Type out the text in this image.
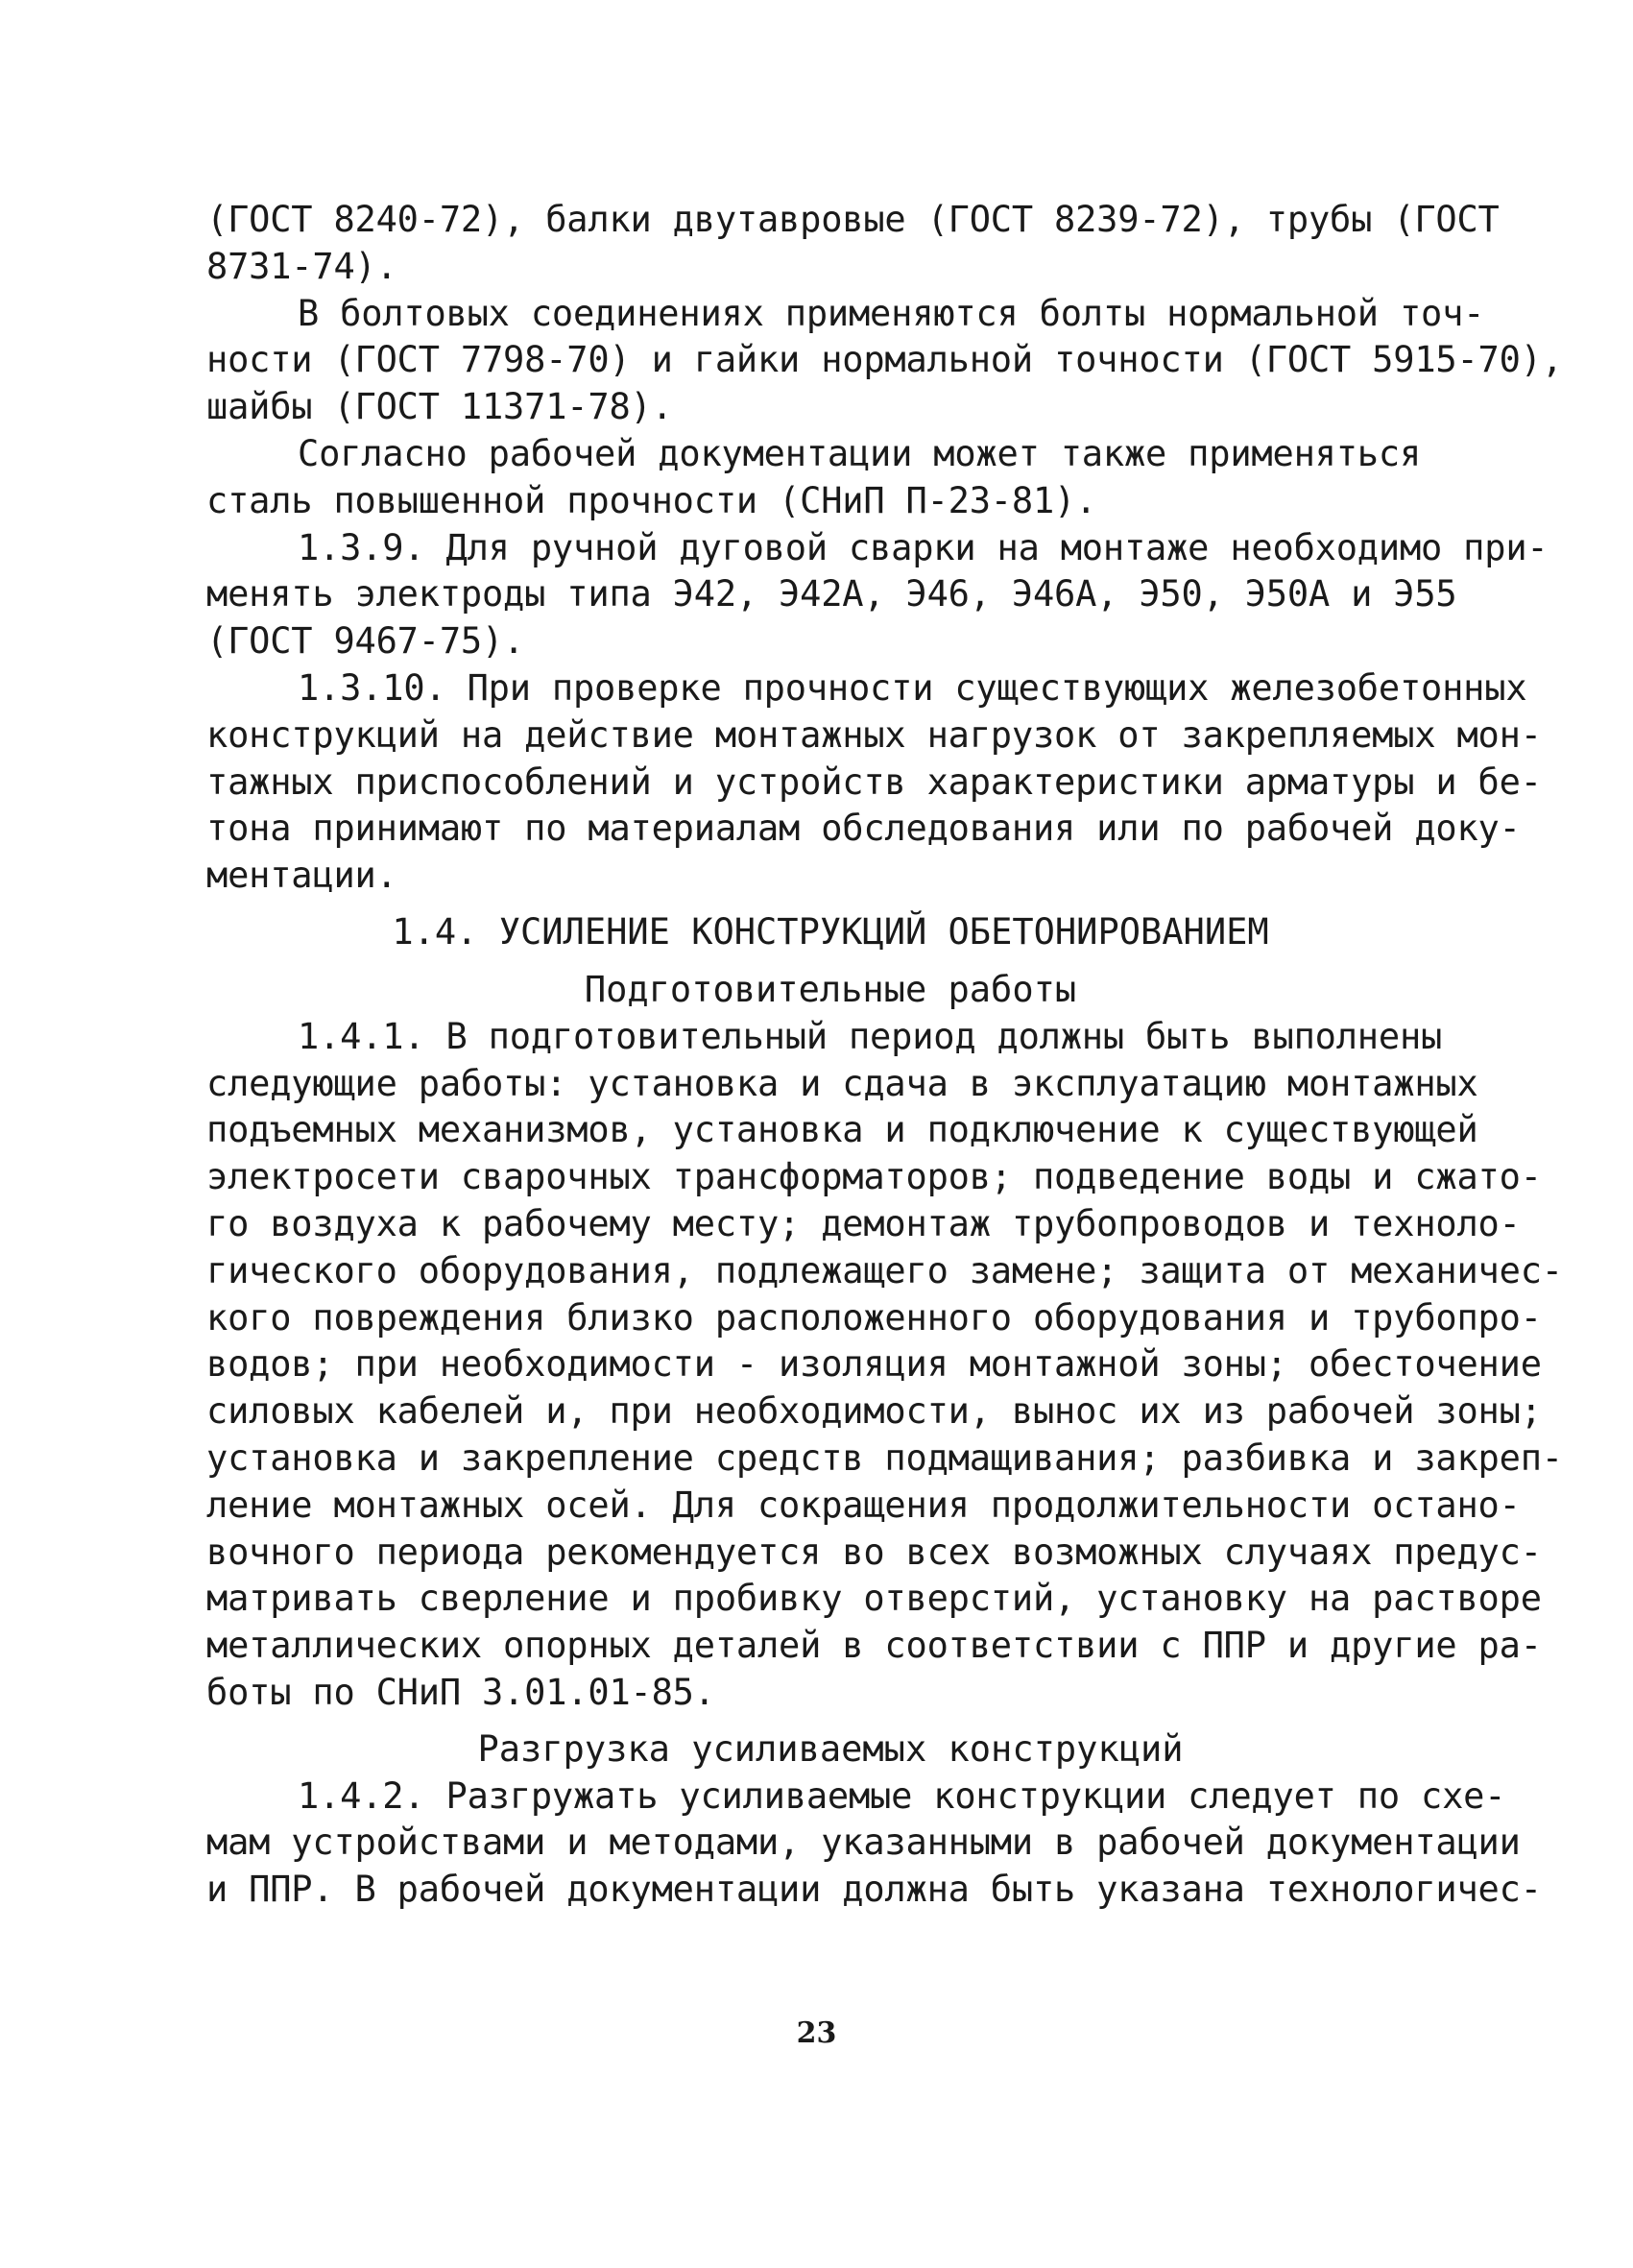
(ГОСТ 8240-72), балки двутавровые (ГОСТ 8239-72), трубы (ГОСТ
8731-74).
В болтовых соединениях применяются болты нормальной точ-
ности (ГОСТ 7798-70) и гайки нормальной точности (ГОСТ 5915-70),
шайбы (ГОСТ 11371-78).
Согласно рабочей документации может также применяться
сталь повышенной прочности (СНиП П-23-81).
1.3.9. Для ручной дуговой сварки на монтаже необходимо при-
менять электроды типа Э42, Э42А, Э46, Э46А, Э50, Э50А и Э55
(ГОСТ 9467-75).
1.3.10. При проверке прочности существующих железобетонных
конструкций на действие монтажных нагрузок от закрепляемых мон-
тажных приспособлений и устройств характеристики арматуры и бе-
тона принимают по материалам обследования или по рабочей доку-
ментации.
1.4. УСИЛЕНИЕ КОНСТРУКЦИЙ ОБЕТОНИРОВАНИЕМ
Подготовительные работы
1.4.1. В подготовительный период должны быть выполнены
следующие работы: установка и сдача в эксплуатацию монтажных
подъемных механизмов, установка и подключение к существующей
электросети сварочных трансформаторов; подведение воды и сжато-
го воздуха к рабочему месту; демонтаж трубопроводов и техноло-
гического оборудования, подлежащего замене; защита от механичес-
кого повреждения близко расположенного оборудования и трубопро-
водов; при необходимости - изоляция монтажной зоны; обесточение
силовых кабелей и, при необходимости, вынос их из рабочей зоны;
установка и закрепление средств подмащивания; разбивка и закреп-
ление монтажных осей. Для сокращения продолжительности остано-
вочного периода рекомендуется во всех возможных случаях предус-
матривать сверление и пробивку отверстий, установку на растворе
металлических опорных деталей в соответствии с ППР и другие ра-
боты по СНиП 3.01.01-85.
Разгрузка усиливаемых конструкций
1.4.2. Разгружать усиливаемые конструкции следует по схе-
мам устройствами и методами, указанными в рабочей документации
и ППР. В рабочей документации должна быть указана технологичес-
23
